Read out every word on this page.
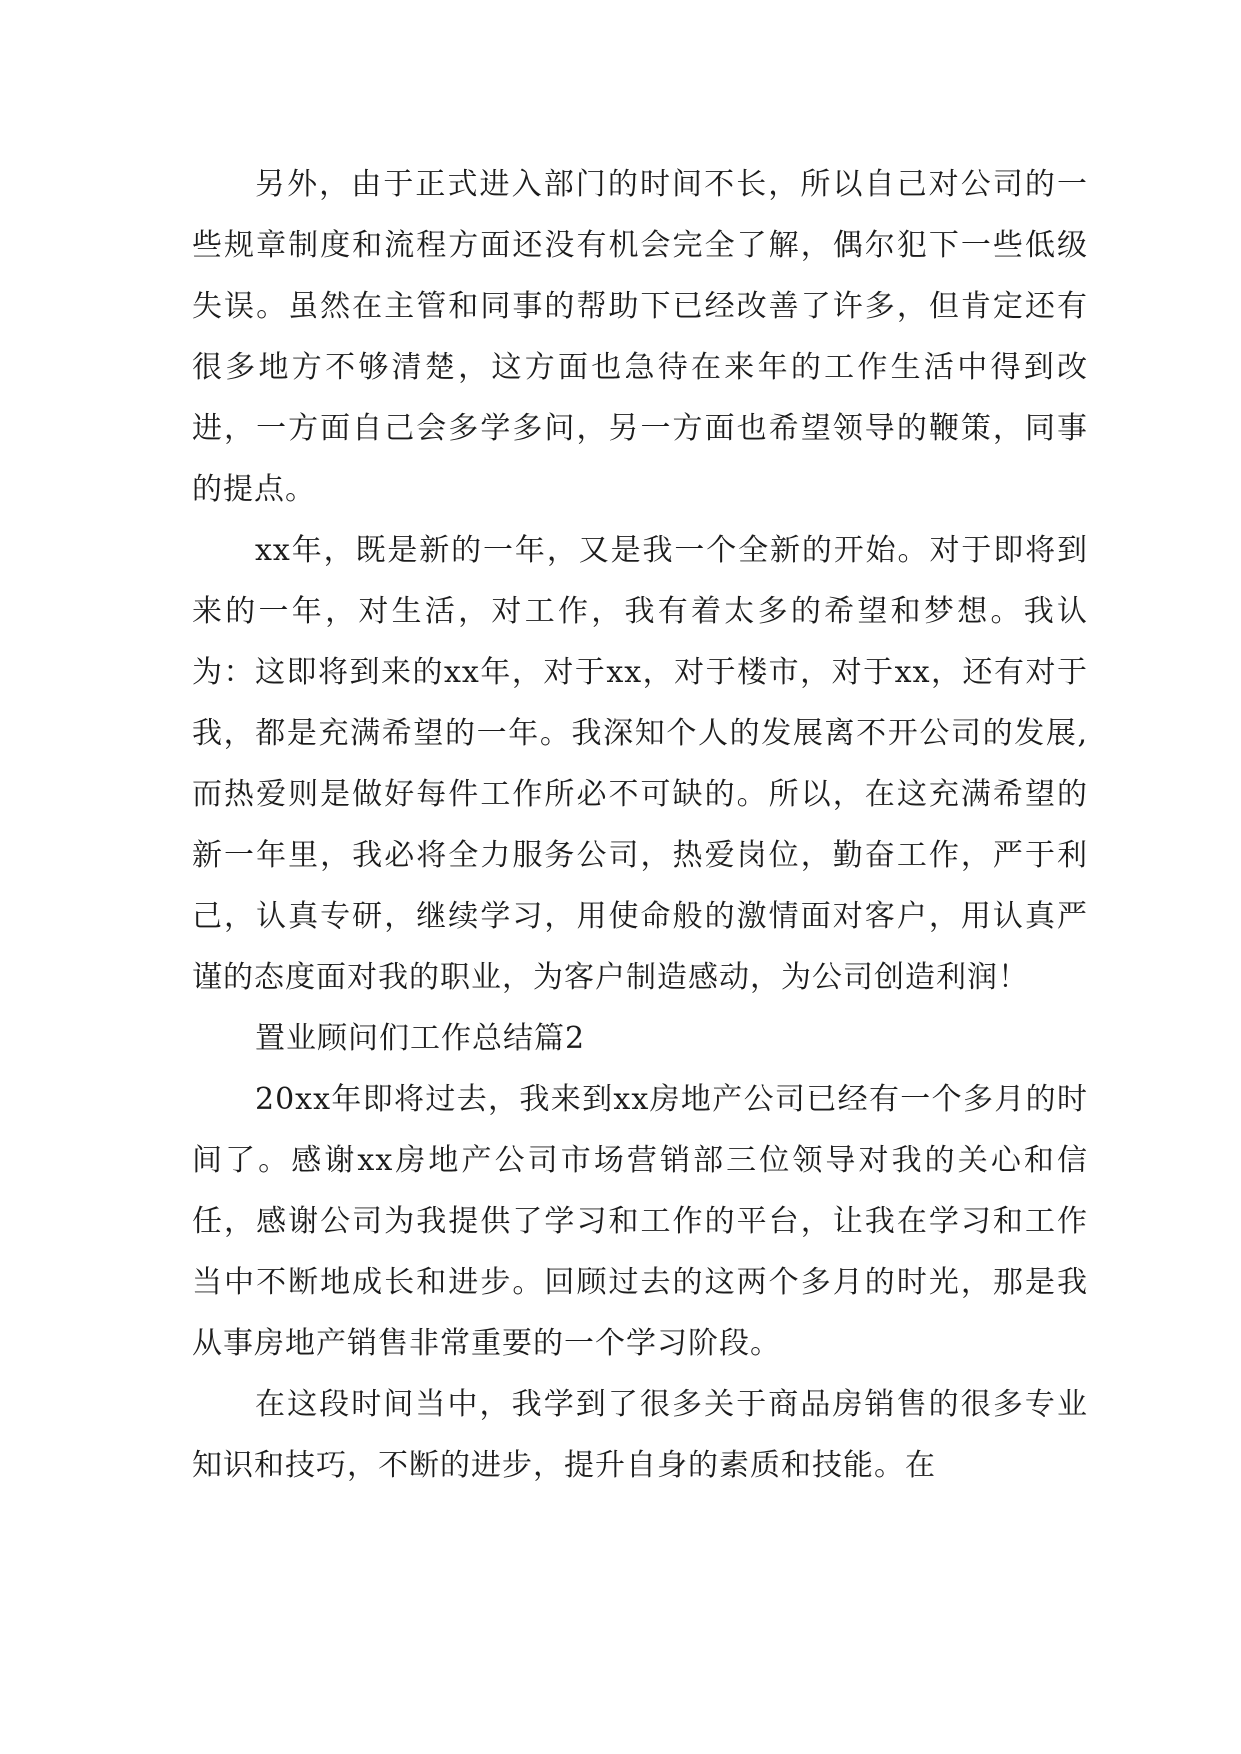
另外，由于正式进入部门的时间不长，所以自己对公司的一些规章制度和流程方面还没有机会完全了解，偶尔犯下一些低级失误。虽然在主管和同事的帮助下已经改善了许多，但肯定还有很多地方不够清楚，这方面也急待在来年的工作生活中得到改进，一方面自己会多学多问，另一方面也希望领导的鞭策，同事的提点。

xx年，既是新的一年，又是我一个全新的开始。对于即将到来的一年，对生活，对工作，我有着太多的希望和梦想。我认为：这即将到来的xx年，对于xx，对于楼市，对于xx，还有对于我，都是充满希望的一年。我深知个人的发展离不开公司的发展,而热爱则是做好每件工作所必不可缺的。所以，在这充满希望的新一年里，我必将全力服务公司，热爱岗位，勤奋工作，严于利己，认真专研，继续学习，用使命般的激情面对客户，用认真严谨的态度面对我的职业，为客户制造感动，为公司创造利润！

置业顾问们工作总结篇2

20xx年即将过去，我来到xx房地产公司已经有一个多月的时间了。感谢xx房地产公司市场营销部三位领导对我的关心和信任，感谢公司为我提供了学习和工作的平台，让我在学习和工作当中不断地成长和进步。回顾过去的这两个多月的时光，那是我从事房地产销售非常重要的一个学习阶段。

在这段时间当中，我学到了很多关于商品房销售的很多专业知识和技巧，不断的进步，提升自身的素质和技能。在
